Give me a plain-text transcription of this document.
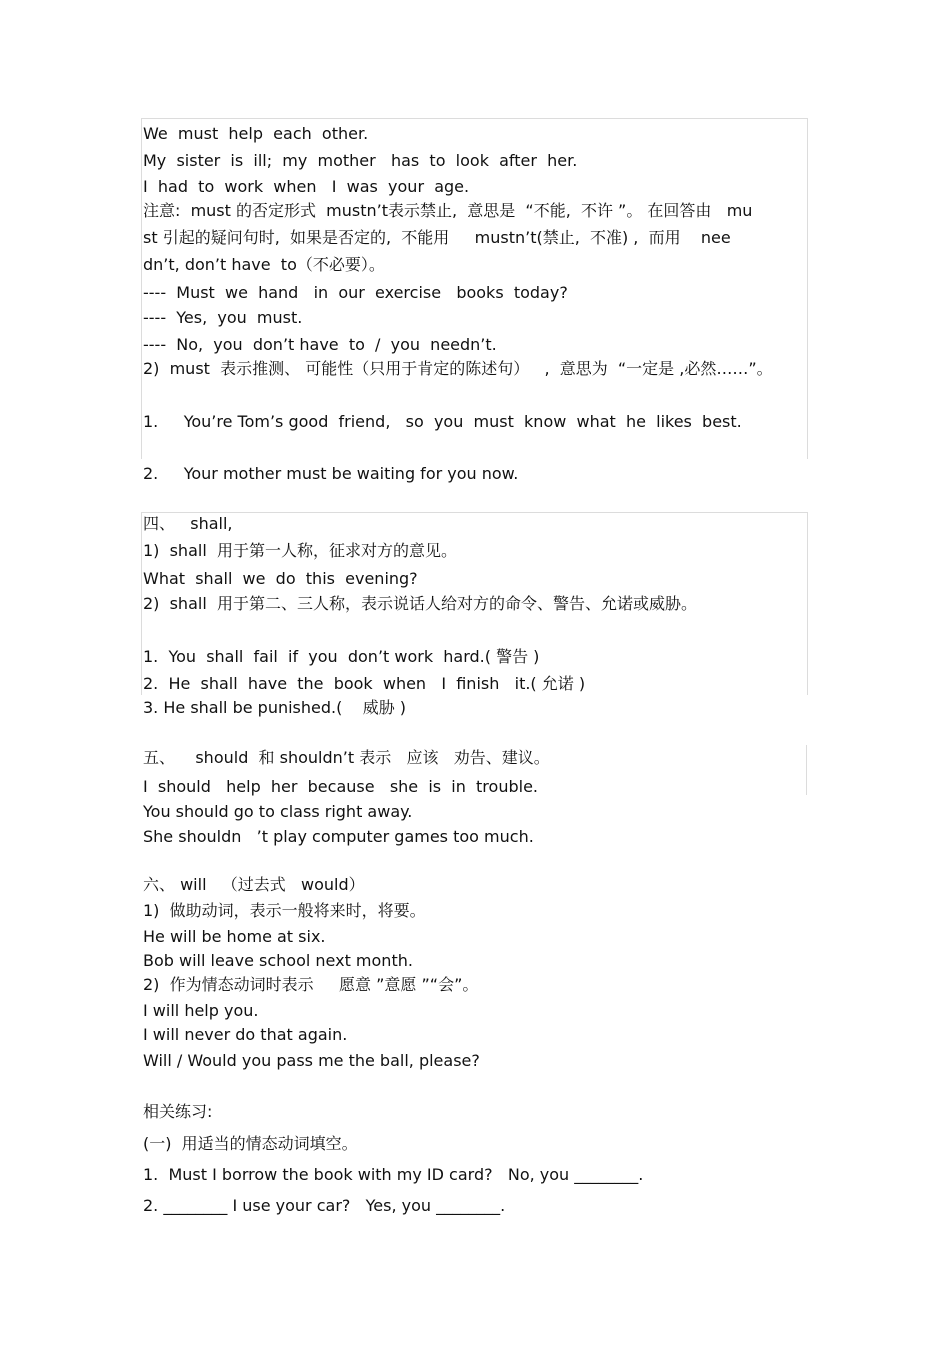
We  must  help  each  other.
My  sister  is  ill;  my  mother   has  to  look  after  her.
I  had  to  work  when   I  was  your  age.
注意:  must 的否定形式  mustn’t表示禁止,  意思是  “不能,  不许 ”。 在回答由   mu
st 引起的疑问句时,  如果是否定的,  不能用     mustn’t(禁止,  不准) ,  而用    nee
dn’t, don’t have  to（不必要）。
----  Must  we  hand   in  our  exercise   books  today?
----  Yes,  you  must.
----  No,  you  don’t have  to  /  you  needn’t.
2)  must  表示推测、 可能性（只用于肯定的陈述句）   ,  意思为  “一定是 ,必然……”。
1.     You’re Tom’s good  friend,   so  you  must  know  what  he  likes  best.
2.     Your mother must be waiting for you now.
四、   shall,
1)  shall  用于第一人称，征求对方的意见。
What  shall  we  do  this  evening?
2)  shall  用于第二、三人称，表示说话人给对方的命令、警告、允诺或威胁。
1.  You  shall  fail  if  you  don’t work  hard.( 警告 )
2.  He  shall  have  the  book  when   I  finish   it.( 允诺 )
3. He shall be punished.(    威胁 )
五、    should  和 shouldn’t 表示   应该   劝告、建议。
I  should   help  her  because   she  is  in  trouble.
You should go to class right away.
She shouldn   ’t play computer games too much.
六、 will   （过去式   would）
1)  做助动词，表示一般将来时，将要。
He will be home at six.
Bob will leave school next month.
2)  作为情态动词时表示     愿意 ”意愿 ”“会”。
I will help you.
I will never do that again.
Will / Would you pass me the ball, please?
相关练习:
(一)  用适当的情态动词填空。
1.  Must I borrow the book with my ID card?   No, you ________.
2. ________ I use your car?   Yes, you ________.
